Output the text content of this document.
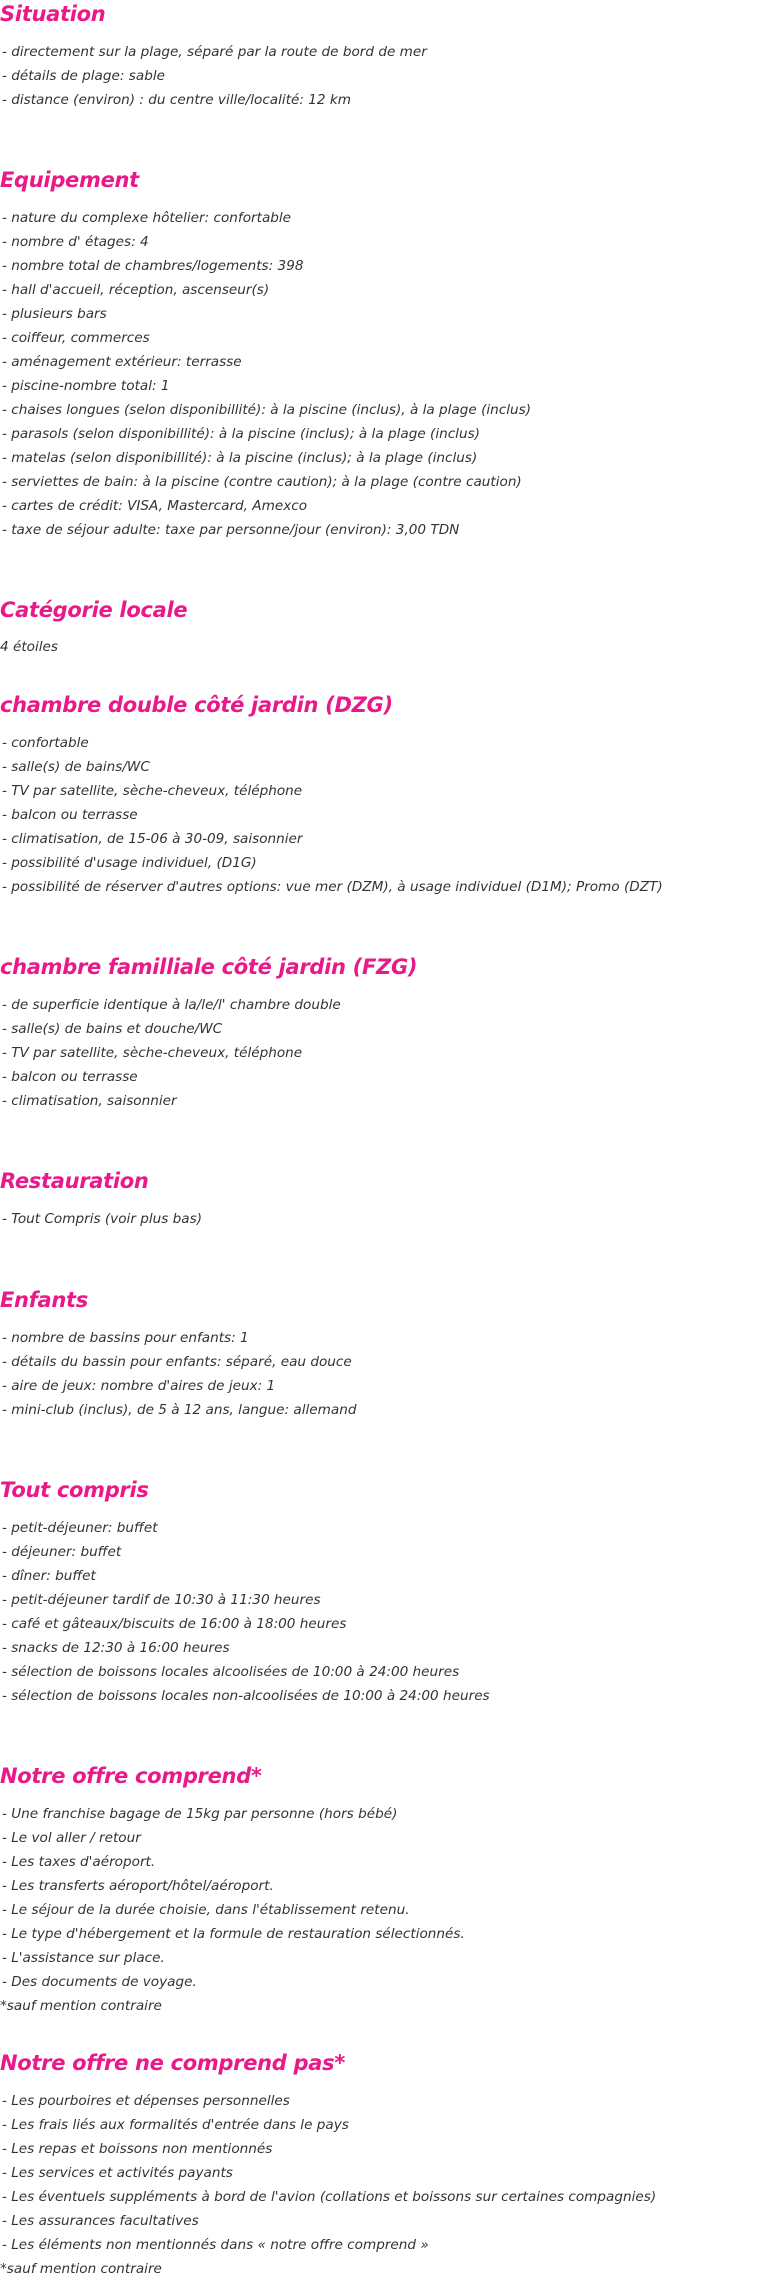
Situation
- directement sur la plage, séparé par la route de bord de mer
- détails de plage: sable
- distance (environ) : du centre ville/localité: 12 km
Equipement
- nature du complexe hôtelier: confortable
- nombre d' étages: 4
- nombre total de chambres/logements: 398
- hall d'accueil, réception, ascenseur(s)
- plusieurs bars
- coiffeur, commerces
- aménagement extérieur: terrasse
- piscine-nombre total: 1
- chaises longues (selon disponibillité): à la piscine (inclus), à la plage (inclus)
- parasols (selon disponibillité): à la piscine (inclus); à la plage (inclus)
- matelas (selon disponibillité): à la piscine (inclus); à la plage (inclus)
- serviettes de bain: à la piscine (contre caution); à la plage (contre caution)
- cartes de crédit: VISA, Mastercard, Amexco
- taxe de séjour adulte: taxe par personne/jour (environ): 3,00 TDN
Catégorie locale
4 étoiles
chambre double côté jardin (DZG)
- confortable
- salle(s) de bains/WC
- TV par satellite, sèche-cheveux, téléphone
- balcon ou terrasse
- climatisation, de 15-06 à 30-09, saisonnier
- possibilité d'usage individuel, (D1G)
- possibilité de réserver d'autres options: vue mer (DZM), à usage individuel (D1M); Promo (DZT)
chambre familliale côté jardin (FZG)
- de superficie identique à la/le/l' chambre double
- salle(s) de bains et douche/WC
- TV par satellite, sèche-cheveux, téléphone
- balcon ou terrasse
- climatisation, saisonnier
Restauration
- Tout Compris (voir plus bas)
Enfants
- nombre de bassins pour enfants: 1
- détails du bassin pour enfants: séparé, eau douce
- aire de jeux: nombre d'aires de jeux: 1
- mini-club (inclus), de 5 à 12 ans, langue: allemand
Tout compris
- petit-déjeuner: buffet
- déjeuner: buffet
- dîner: buffet
- petit-déjeuner tardif de 10:30 à 11:30 heures
- café et gâteaux/biscuits de 16:00 à 18:00 heures
- snacks de 12:30 à 16:00 heures
- sélection de boissons locales alcoolisées de 10:00 à 24:00 heures
- sélection de boissons locales non-alcoolisées de 10:00 à 24:00 heures
Notre offre comprend*
- Une franchise bagage de 15kg par personne (hors bébé)
- Le vol aller / retour
- Les taxes d'aéroport.
- Les transferts aéroport/hôtel/aéroport.
- Le séjour de la durée choisie, dans l'établissement retenu.
- Le type d'hébergement et la formule de restauration sélectionnés.
- L'assistance sur place.
- Des documents de voyage.
*sauf mention contraire
Notre offre ne comprend pas*
- Les pourboires et dépenses personnelles
- Les frais liés aux formalités d'entrée dans le pays
- Les repas et boissons non mentionnés
- Les services et activités payants
- Les éventuels suppléments à bord de l'avion (collations et boissons sur certaines compagnies)
- Les assurances facultatives
- Les éléments non mentionnés dans « notre offre comprend »
*sauf mention contraire
